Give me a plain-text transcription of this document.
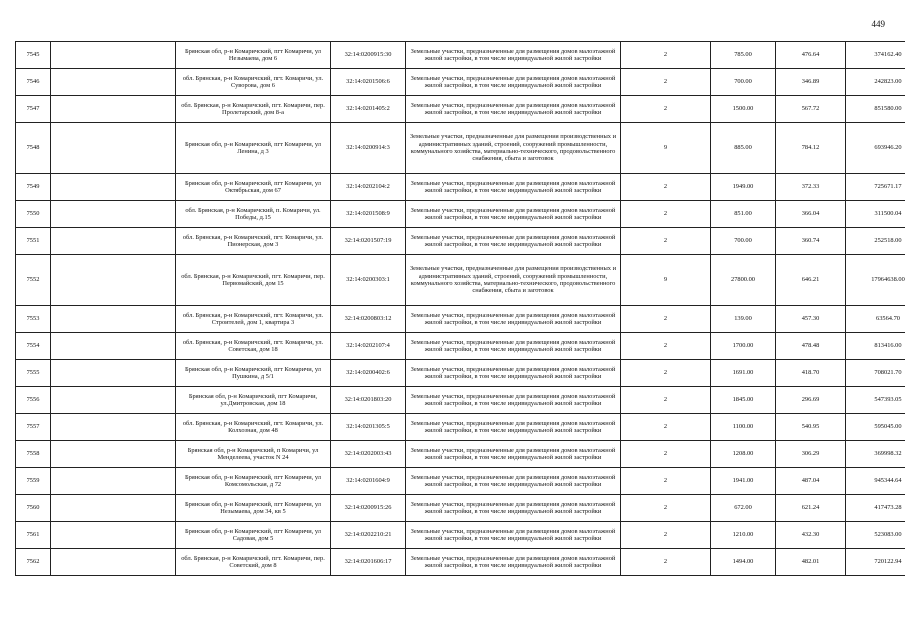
449
7545		Брянская обл, р-н Комаричский, пгт Комаричи, ул Незымаева, дом 6	32:14:0200915:30	Земельные участки, предназначенные для размещения домов малоэтажной жилой застройки, в том числе индивидуальной жилой застройки	2	785.00	476.64	374162.40
7546		обл. Брянская, р-н Комаричский, пгт. Комаричи, ул. Суворова, дом 6	32:14:0201506:6	Земельные участки, предназначенные для размещения домов малоэтажной жилой застройки, в том числе индивидуальной жилой застройки	2	700.00	346.89	242823.00
7547		обл. Брянская, р-н Комаричский, пгт. Комаричи, пер. Пролетарский, дом 8-а	32:14:0201405:2	Земельные участки, предназначенные для размещения домов малоэтажной жилой застройки, в том числе индивидуальной жилой застройки	2	1500.00	567.72	851580.00
7548		Брянская обл, р-н Комаричский, пгт Комаричи, ул Ленина, д 3	32:14:0200914:3	Земельные участки, предназначенные для размещения производственных и административных зданий, строений, сооружений промышленности, коммунального хозяйства, материально-технического, продовольственного снабжения, сбыта и заготовок	9	885.00	784.12	693946.20
7549		Брянская обл, р-н Комаричский, пгт Комаричи, ул Октябрьская, дом 67	32:14:0202104:2	Земельные участки, предназначенные для размещения домов малоэтажной жилой застройки, в том числе индивидуальной жилой застройки	2	1949.00	372.33	725671.17
7550		обл. Брянская, р-н Комаричский, п. Комаричи, ул. Победы, д.15	32:14:0201508:9	Земельные участки, предназначенные для размещения домов малоэтажной жилой застройки, в том числе индивидуальной жилой застройки	2	851.00	366.04	311500.04
7551		обл. Брянская, р-н Комаричский, пгт. Комаричи, ул. Пионерская, дом 3	32:14:0201507:19	Земельные участки, предназначенные для размещения домов малоэтажной жилой застройки, в том числе индивидуальной жилой застройки	2	700.00	360.74	252518.00
7552		обл. Брянская, р-н Комаричский, пгт. Комаричи, пер. Первомайский, дом 15	32:14:0200303:1	Земельные участки, предназначенные для размещения производственных и административных зданий, строений, сооружений промышленности, коммунального хозяйства, материально-технического, продовольственного снабжения, сбыта и заготовок	9	27800.00	646.21	17964638.00
7553		обл. Брянская, р-н Комаричский, пгт. Комаричи, ул. Строителей, дом 1, квартира 3	32:14:0200803:12	Земельные участки, предназначенные для размещения домов малоэтажной жилой застройки, в том числе индивидуальной жилой застройки	2	139.00	457.30	63564.70
7554		обл. Брянская, р-н Комаричский, пгт. Комаричи, ул. Советская, дом 18	32:14:0202107:4	Земельные участки, предназначенные для размещения домов малоэтажной жилой застройки, в том числе индивидуальной жилой застройки	2	1700.00	478.48	813416.00
7555		Брянская обл, р-н Комаричский, пгт Комаричи, ул Пушкина, д 5/1	32:14:0200402:6	Земельные участки, предназначенные для размещения домов малоэтажной жилой застройки, в том числе индивидуальной жилой застройки	2	1691.00	418.70	708021.70
7556		Брянская обл, р-н Комаричский, пгт Комаричи, ул.Дмитровская, дом 18	32:14:0201803:20	Земельные участки, предназначенные для размещения домов малоэтажной жилой застройки, в том числе индивидуальной жилой застройки	2	1845.00	296.69	547393.05
7557		обл. Брянская, р-н Комаричский, пгт. Комаричи, ул. Колхозная, дом 48	32:14:0201305:5	Земельные участки, предназначенные для размещения домов малоэтажной жилой застройки, в том числе индивидуальной жилой застройки	2	1100.00	540.95	595045.00
7558		Брянская обл, р-н Комаричский, п Комаричи, ул Менделеева, участок N 24	32:14:0202003:43	Земельные участки, предназначенные для размещения домов малоэтажной жилой застройки, в том числе индивидуальной жилой застройки	2	1208.00	306.29	369998.32
7559		Брянская обл, р-н Комаричский, пгт Комаричи, ул Комсомольская, д 72	32:14:0201604:9	Земельные участки, предназначенные для размещения домов малоэтажной жилой застройки, в том числе индивидуальной жилой застройки	2	1941.00	487.04	945344.64
7560		Брянская обл, р-н Комаричский, пгт Комаричи, ул Незымаева, дом 34, кв 5	32:14:0200915:26	Земельные участки, предназначенные для размещения домов малоэтажной жилой застройки, в том числе индивидуальной жилой застройки	2	672.00	621.24	417473.28
7561		Брянская обл, р-н Комаричский, пгт Комаричи, ул Садовая, дом 5	32:14:0202210:21	Земельные участки, предназначенные для размещения домов малоэтажной жилой застройки, в том числе индивидуальной жилой застройки	2	1210.00	432.30	523083.00
7562		обл. Брянская, р-н Комаричский, пгт. Комаричи, пер. Советский, дом 8	32:14:0201606:17	Земельные участки, предназначенные для размещения домов малоэтажной жилой застройки, в том числе индивидуальной жилой застройки	2	1494.00	482.01	720122.94
